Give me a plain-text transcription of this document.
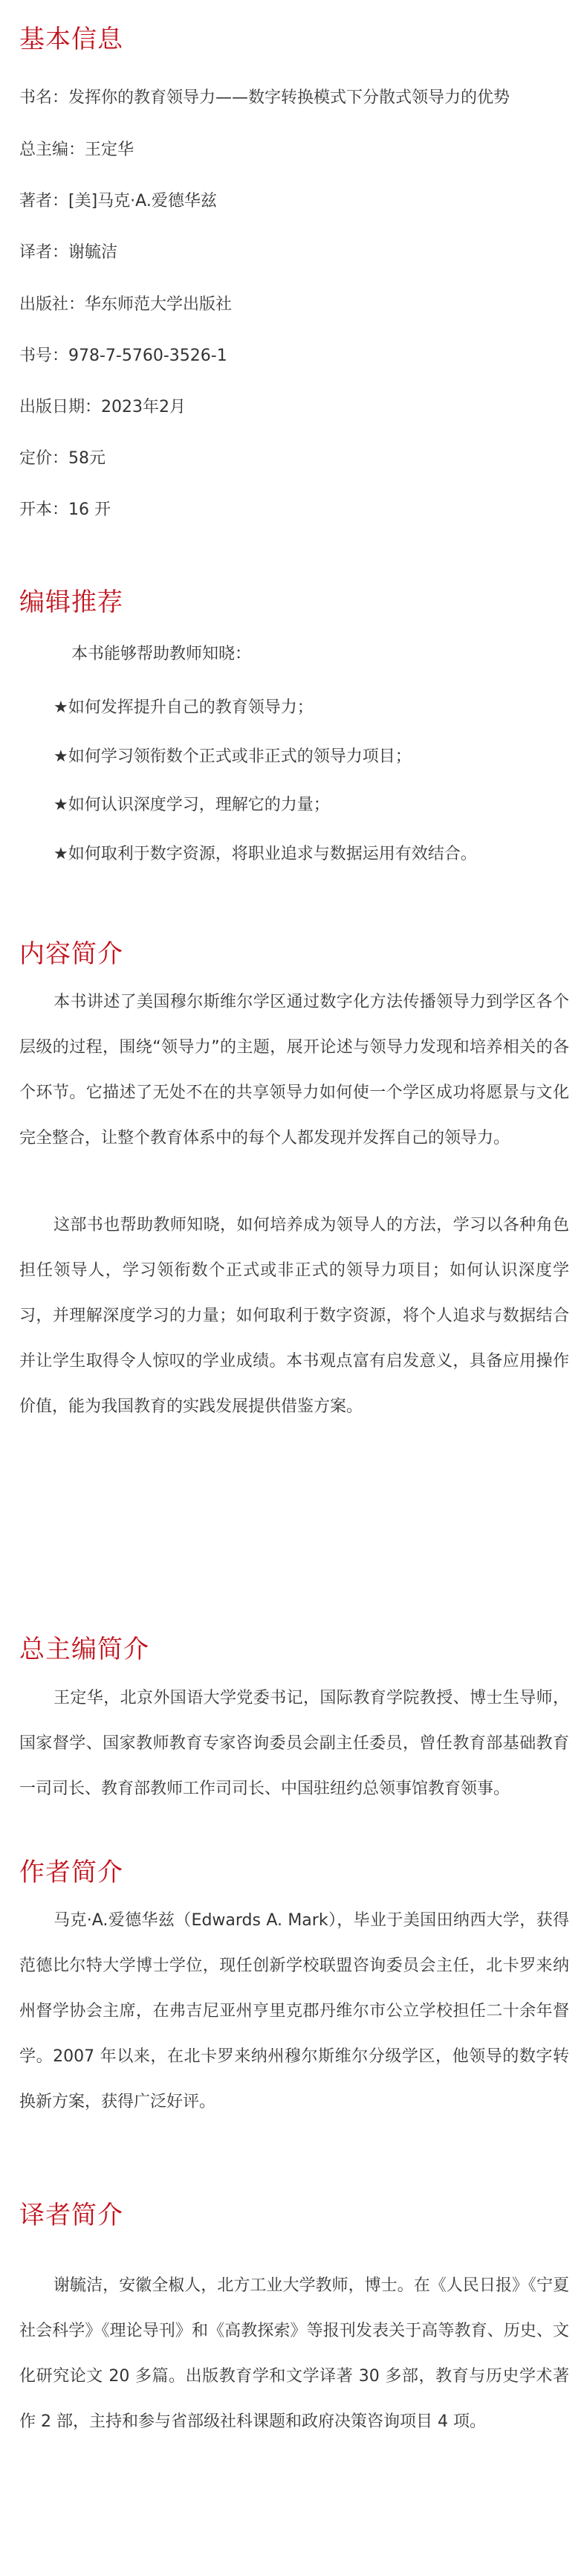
基本信息
书名：发挥你的教育领导力——数字转换模式下分散式领导力的优势
总主编：王定华
著者：[美]马克·A.爱德华兹
译者：谢毓洁
出版社：华东师范大学出版社
书号：978-7-5760-3526-1
出版日期：2023年2月
定价：58元
开本：16 开
编辑推荐
本书能够帮助教师知晓：
★如何发挥提升自己的教育领导力；
★如何学习领衔数个正式或非正式的领导力项目；
★如何认识深度学习，理解它的力量；
★如何取利于数字资源，将职业追求与数据运用有效结合。
内容简介

本书讲述了美国穆尔斯维尔学区通过数字化方法传播领导力到学区各个层级的过程，围绕“领导力”的主题，展开论述与领导力发现和培养相关的各个环节。它描述了无处不在的共享领导力如何使一个学区成功将愿景与文化完全整合，让整个教育体系中的每个人都发现并发挥自己的领导力。

这部书也帮助教师知晓，如何培养成为领导人的方法，学习以各种角色担任领导人，学习领衔数个正式或非正式的领导力项目；如何认识深度学习，并理解深度学习的力量；如何取利于数字资源，将个人追求与数据结合并让学生取得令人惊叹的学业成绩。本书观点富有启发意义，具备应用操作价值，能为我国教育的实践发展提供借鉴方案。

总主编简介

王定华，北京外国语大学党委书记，国际教育学院教授、博士生导师，国家督学、国家教师教育专家咨询委员会副主任委员，曾任教育部基础教育一司司长、教育部教师工作司司长、中国驻纽约总领事馆教育领事。

作者简介

马克·A.爱德华兹（Edwards A. Mark），毕业于美国田纳西大学，获得范德比尔特大学博士学位，现任创新学校联盟咨询委员会主任，北卡罗来纳州督学协会主席，在弗吉尼亚州亨里克郡丹维尔市公立学校担任二十余年督学。2007 年以来，在北卡罗来纳州穆尔斯维尔分级学区，他领导的数字转换新方案，获得广泛好评。

译者简介

谢毓洁，安徽全椒人，北方工业大学教师，博士。在《人民日报》《宁夏社会科学》《理论导刊》和《高教探索》等报刊发表关于高等教育、历史、文化研究论文 20 多篇。出版教育学和文学译著 30 多部，教育与历史学术著作 2 部，主持和参与省部级社科课题和政府决策咨询项目 4 项。
